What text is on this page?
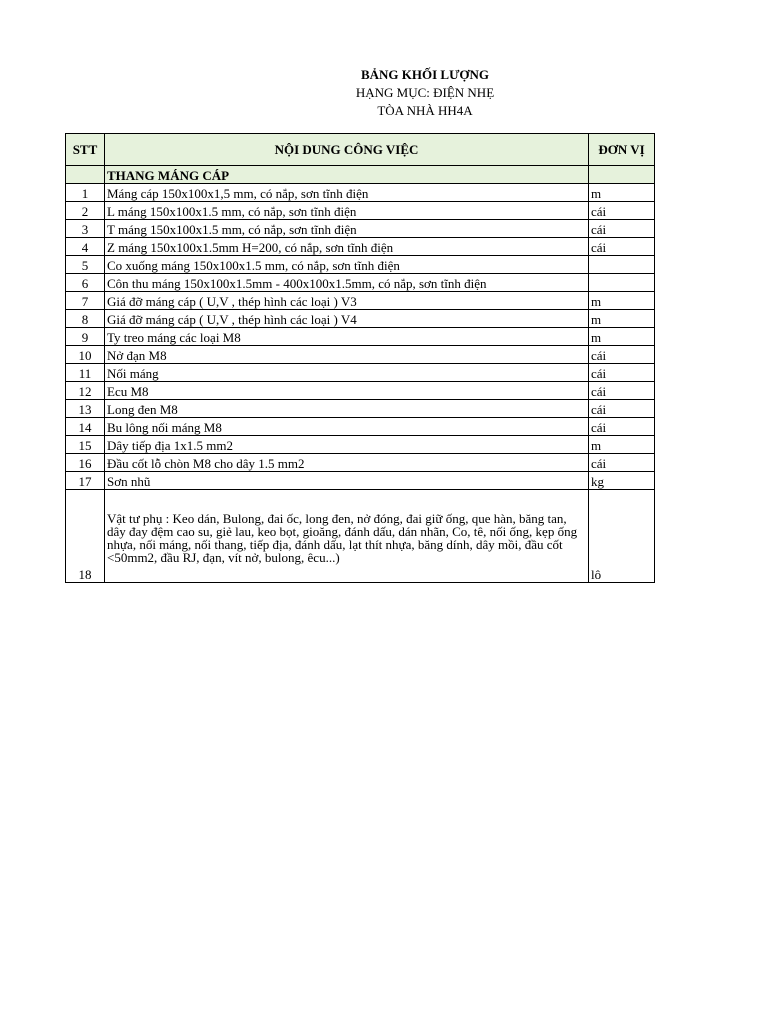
BẢNG KHỐI LƯỢNG
HẠNG MỤC: ĐIỆN NHẸ
TÒA NHÀ HH4A
STT	NỘI DUNG CÔNG VIỆC	ĐƠN VỊ
	THANG MÁNG CÁP	
1	Máng cáp 150x100x1,5 mm, có nắp, sơn tĩnh điện	m
2	L máng 150x100x1.5 mm, có nắp, sơn tĩnh điện	cái
3	T máng 150x100x1.5 mm, có nắp, sơn tĩnh điện	cái
4	Z máng 150x100x1.5mm H=200, có nắp, sơn tĩnh điện	cái
5	Co xuống máng 150x100x1.5 mm, có nắp, sơn tĩnh điện	
6	Côn thu máng 150x100x1.5mm - 400x100x1.5mm, có nắp, sơn tĩnh điện	
7	Giá đỡ máng cáp ( U,V , thép hình các loại ) V3	m
8	Giá đỡ máng cáp ( U,V , thép hình các loại ) V4	m
9	Ty treo máng các loại M8	m
10	Nở đạn M8	cái
11	Nối máng	cái
12	Ecu M8	cái
13	Long đen M8	cái
14	Bu lông nối máng M8	cái
15	Dây tiếp địa 1x1.5 mm2	m
16	Đầu cốt lỗ chòn M8 cho dây 1.5 mm2	cái
17	Sơn nhũ	kg
18	Vật tư phụ : Keo dán, Bulong, đai ốc, long đen, nở đóng, đai giữ ống, que hàn, băng tan, dây đay đệm cao su, giẻ lau, keo bọt, gioăng, đánh dấu, dán nhãn, Co, tê, nối ống, kẹp ống nhựa, nối máng, nối thang, tiếp địa, đánh dấu, lạt thít nhựa, băng dính, dây mồi, đầu cốt <50mm2, đầu RJ, đạn, vít nở, bulong, êcu...)	lô
